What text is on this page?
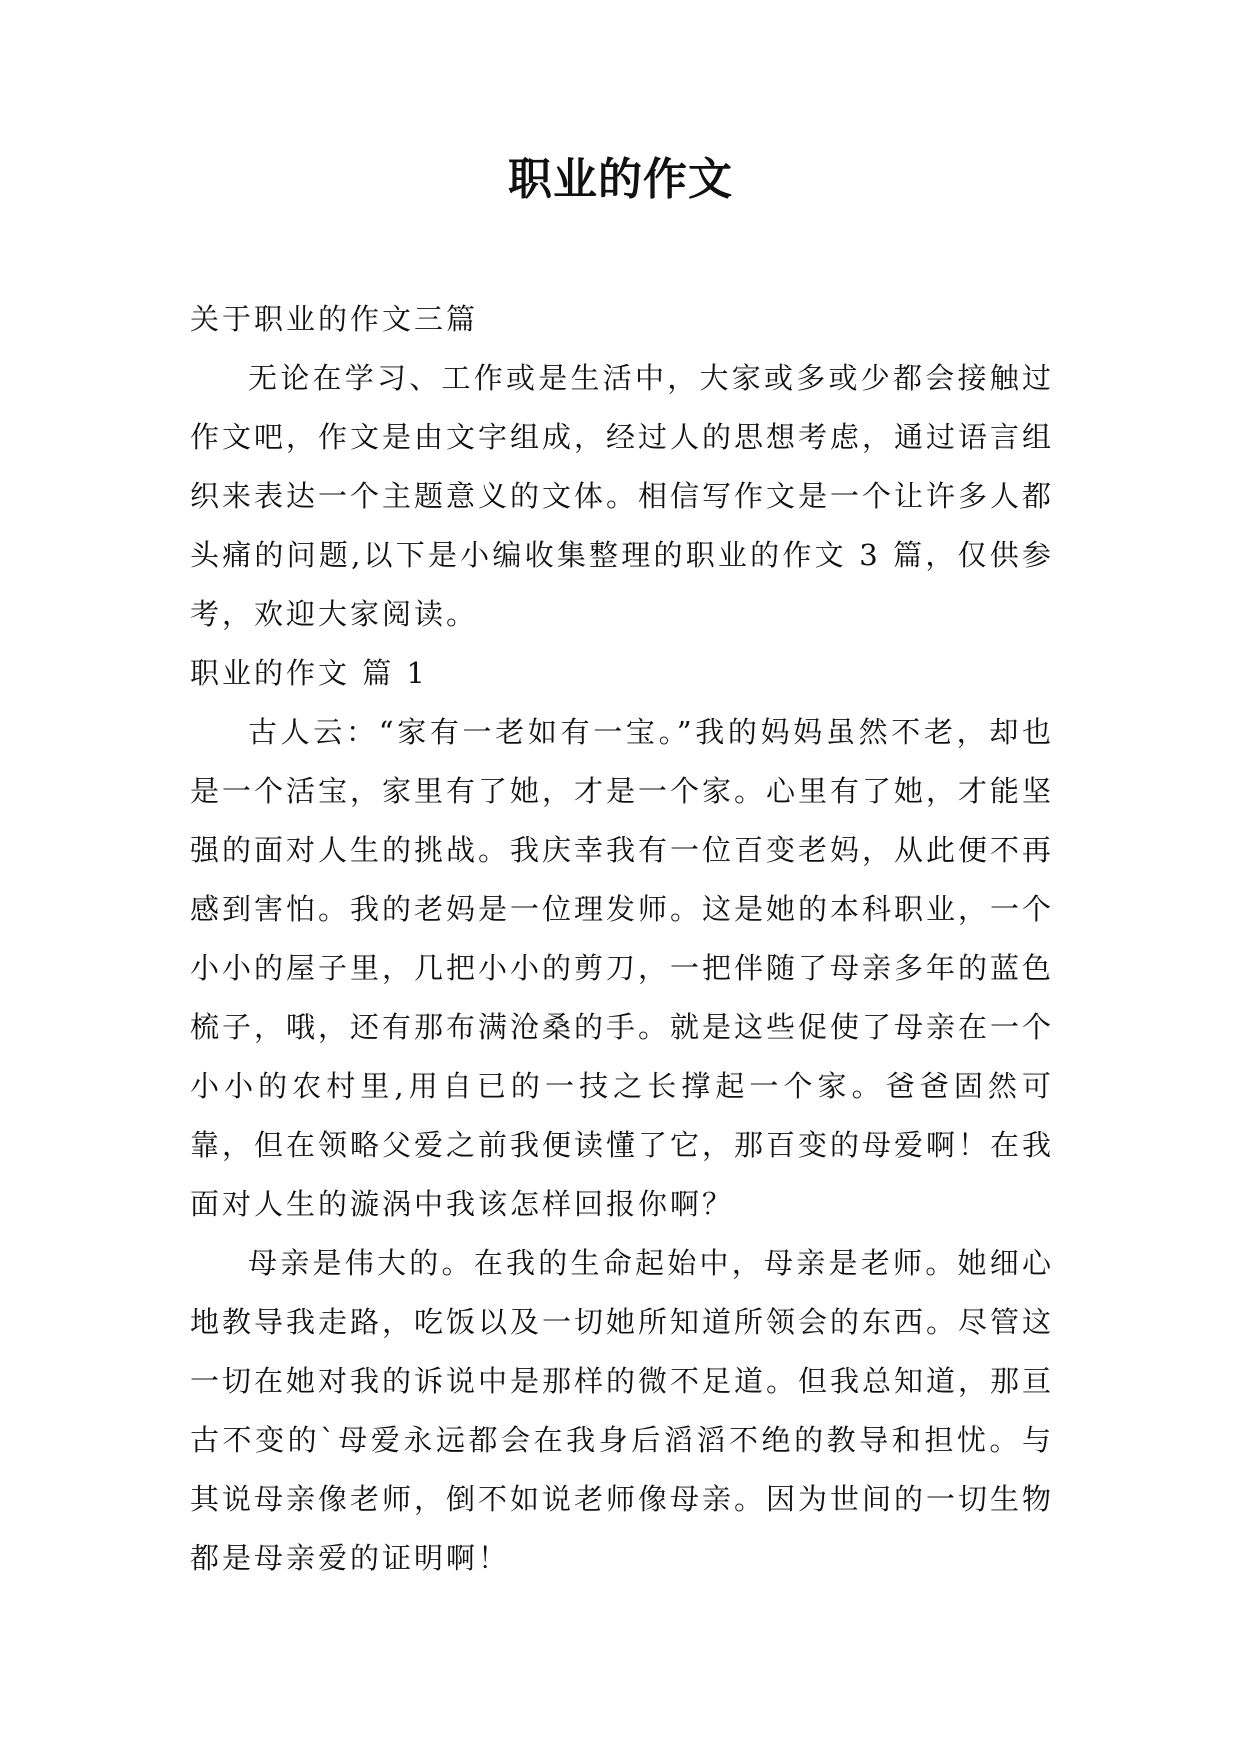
职业的作文

关于职业的作文三篇

无论在学习、工作或是生活中，大家或多或少都会接触过作文吧，作文是由文字组成，经过人的思想考虑，通过语言组织来表达一个主题意义的文体。相信写作文是一个让许多人都头痛的问题,以下是小编收集整理的职业的作文 3 篇，仅供参考，欢迎大家阅读。

职业的作文 篇 1

古人云：“家有一老如有一宝。”我的妈妈虽然不老，却也是一个活宝，家里有了她，才是一个家。心里有了她，才能坚强的面对人生的挑战。我庆幸我有一位百变老妈，从此便不再感到害怕。我的老妈是一位理发师。这是她的本科职业，一个小小的屋子里，几把小小的剪刀，一把伴随了母亲多年的蓝色梳子，哦，还有那布满沧桑的手。就是这些促使了母亲在一个小小的农村里,用自已的一技之长撑起一个家。爸爸固然可靠，但在领略父爱之前我便读懂了它，那百变的母爱啊！在我面对人生的漩涡中我该怎样回报你啊？

母亲是伟大的。在我的生命起始中，母亲是老师。她细心地教导我走路，吃饭以及一切她所知道所领会的东西。尽管这一切在她对我的诉说中是那样的微不足道。但我总知道，那亘古不变的`母爱永远都会在我身后滔滔不绝的教导和担忧。与其说母亲像老师，倒不如说老师像母亲。因为世间的一切生物都是母亲爱的证明啊！
